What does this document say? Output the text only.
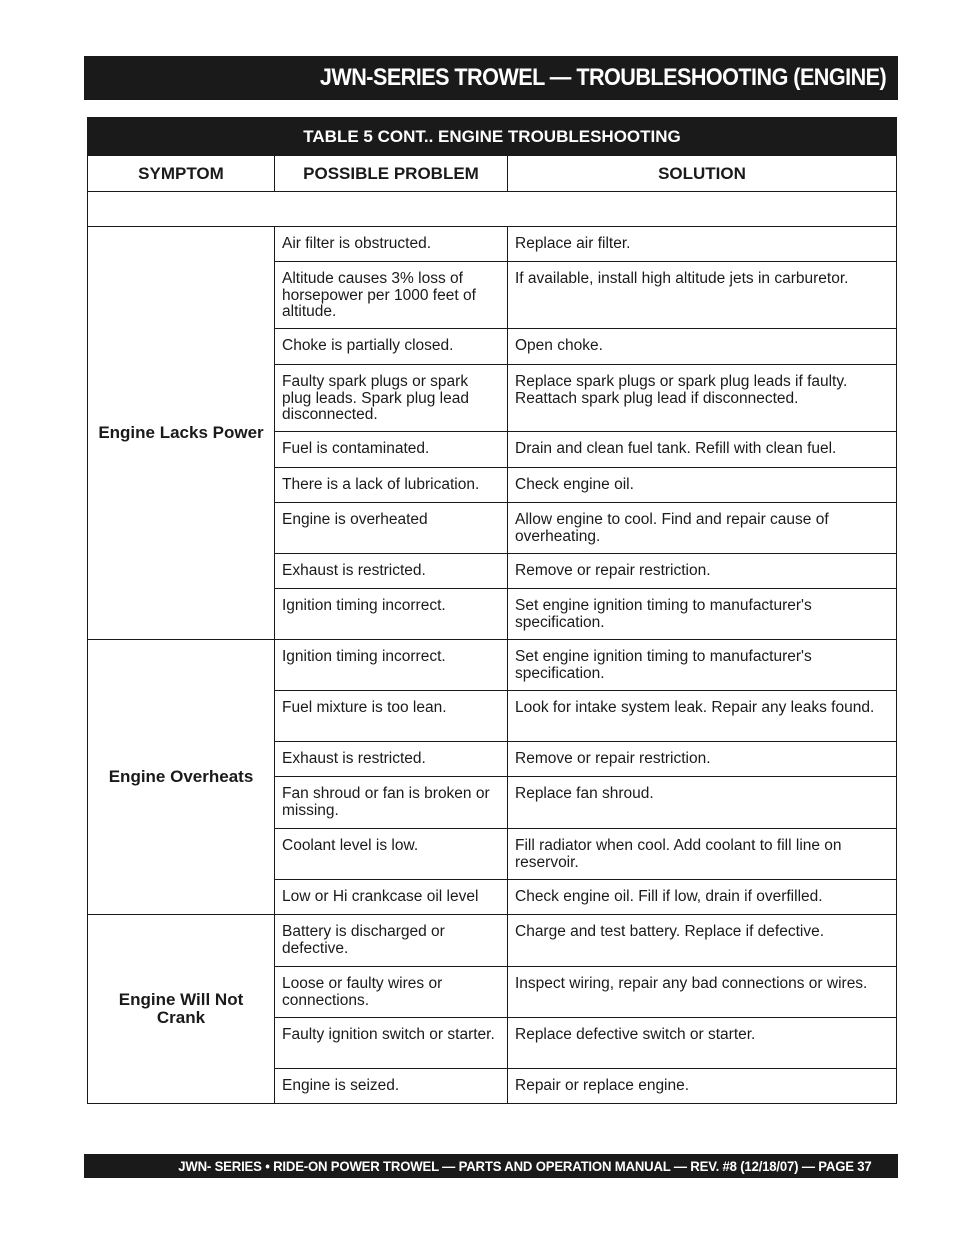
JWN-SERIES TROWEL — TROUBLESHOOTING (ENGINE)
TABLE 5 CONT.. ENGINE TROUBLESHOOTING		
SYMPTOM	POSSIBLE PROBLEM	SOLUTION

Engine Lacks Power	Air filter is obstructed.	Replace air filter.
	Altitude causes 3% loss of horsepower per 1000 feet of altitude.	If available, install high altitude jets in carburetor.
	Choke is partially closed.	Open choke.
	Faulty spark plugs or spark plug leads. Spark plug lead disconnected.	Replace spark plugs or spark plug leads if faulty. Reattach spark plug lead if disconnected.
	Fuel is contaminated.	Drain and clean fuel tank. Refill with clean fuel.
	There is a lack of lubrication.	Check engine oil.
	Engine is overheated	Allow engine to cool. Find and repair cause of overheating.
	Exhaust is restricted.	Remove or repair restriction.
	Ignition timing incorrect.	Set engine ignition timing to manufacturer's specification.
Engine Overheats	Ignition timing incorrect.	Set engine ignition timing to manufacturer's specification.
	Fuel mixture is too lean.	Look for intake system leak. Repair any leaks found.
	Exhaust is restricted.	Remove or repair restriction.
	Fan shroud or fan is broken or missing.	Replace fan shroud.
	Coolant level is low.	Fill radiator when cool. Add coolant to fill line on reservoir.
	Low or Hi crankcase oil level	Check engine oil. Fill if low, drain if overfilled.
Engine Will Not Crank	Battery is discharged or defective.	Charge and test battery. Replace if defective.
	Loose or faulty wires or connections.	Inspect wiring, repair any bad connections or wires.
	Faulty ignition switch or starter.	Replace defective switch or starter.
	Engine is seized.	Repair or replace engine.
JWN- SERIES • RIDE-ON POWER TROWEL — PARTS AND OPERATION MANUAL — REV. #8 (12/18/07) — PAGE 37
